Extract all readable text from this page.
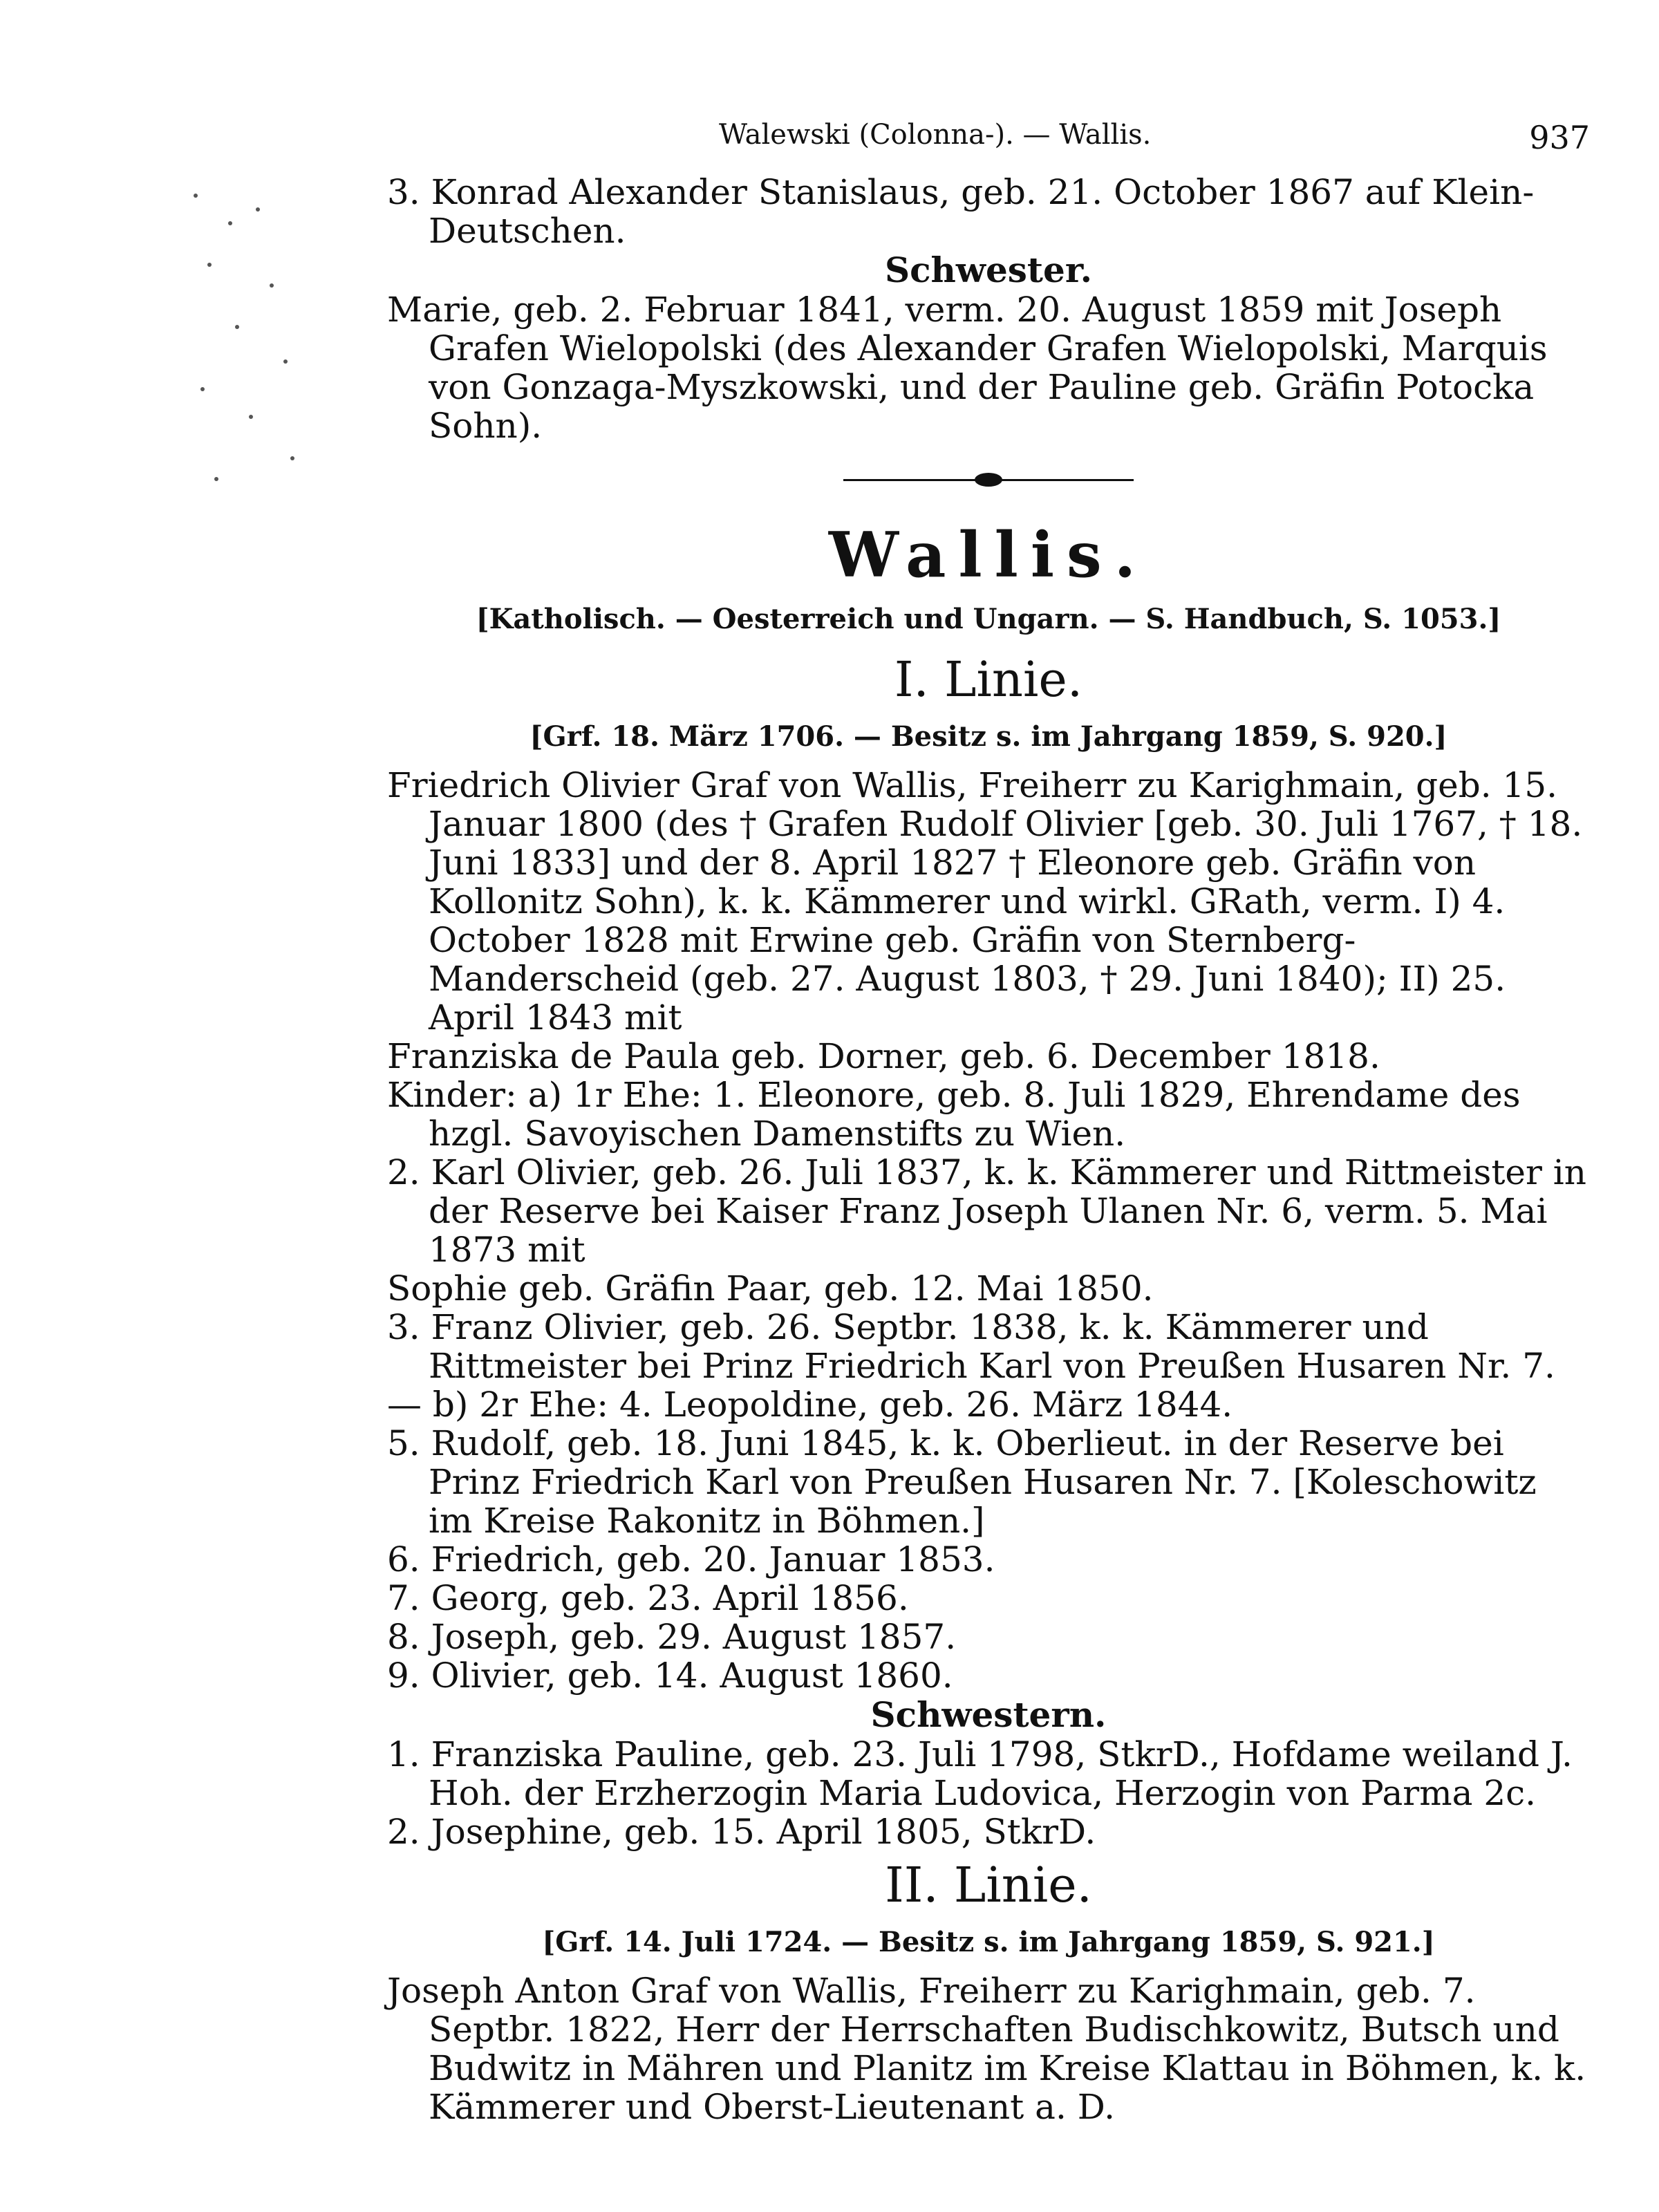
Walewski (Colonna-). — Wallis.	937

3. Konrad Alexander Stanislaus, geb. 21. October 1867 auf Klein-Deutschen.

Schwester.

Marie, geb. 2. Februar 1841, verm. 20. August 1859 mit Joseph Grafen Wielopolski (des Alexander Grafen Wielopolski, Marquis von Gonzaga-Myszkowski, und der Pauline geb. Gräfin Potocka Sohn).

Wallis.

[Katholisch. — Oesterreich und Ungarn. — S. Handbuch, S. 1053.]

I. Linie.

[Grf. 18. März 1706. — Besitz s. im Jahrgang 1859, S. 920.]

Friedrich Olivier Graf von Wallis, Freiherr zu Karighmain, geb. 15. Januar 1800 (des † Grafen Rudolf Olivier [geb. 30. Juli 1767, † 18. Juni 1833] und der 8. April 1827 † Eleonore geb. Gräfin von Kollonitz Sohn), k. k. Kämmerer und wirkl. GRath, verm. I) 4. October 1828 mit Erwine geb. Gräfin von Sternberg-Manderscheid (geb. 27. August 1803, † 29. Juni 1840); II) 25. April 1843 mit

Franziska de Paula geb. Dorner, geb. 6. December 1818.

Kinder: a) 1r Ehe: 1. Eleonore, geb. 8. Juli 1829, Ehrendame des hzgl. Savoyischen Damenstifts zu Wien.

2. Karl Olivier, geb. 26. Juli 1837, k. k. Kämmerer und Rittmeister in der Reserve bei Kaiser Franz Joseph Ulanen Nr. 6, verm. 5. Mai 1873 mit

Sophie geb. Gräfin Paar, geb. 12. Mai 1850.

3. Franz Olivier, geb. 26. Septbr. 1838, k. k. Kämmerer und Rittmeister bei Prinz Friedrich Karl von Preußen Husaren Nr. 7.

— b) 2r Ehe: 4. Leopoldine, geb. 26. März 1844.

5. Rudolf, geb. 18. Juni 1845, k. k. Oberlieut. in der Reserve bei Prinz Friedrich Karl von Preußen Husaren Nr. 7. [Koleschowitz im Kreise Rakonitz in Böhmen.]

6. Friedrich, geb. 20. Januar 1853.

7. Georg, geb. 23. April 1856.

8. Joseph, geb. 29. August 1857.

9. Olivier, geb. 14. August 1860.

Schwestern.

1. Franziska Pauline, geb. 23. Juli 1798, StkrD., Hofdame weiland J. Hoh. der Erzherzogin Maria Ludovica, Herzogin von Parma 2c.

2. Josephine, geb. 15. April 1805, StkrD.

II. Linie.

[Grf. 14. Juli 1724. — Besitz s. im Jahrgang 1859, S. 921.]

Joseph Anton Graf von Wallis, Freiherr zu Karighmain, geb. 7. Septbr. 1822, Herr der Herrschaften Budischkowitz, Butsch und Budwitz in Mähren und Planitz im Kreise Klattau in Böhmen, k. k. Kämmerer und Oberst-Lieutenant a. D.
